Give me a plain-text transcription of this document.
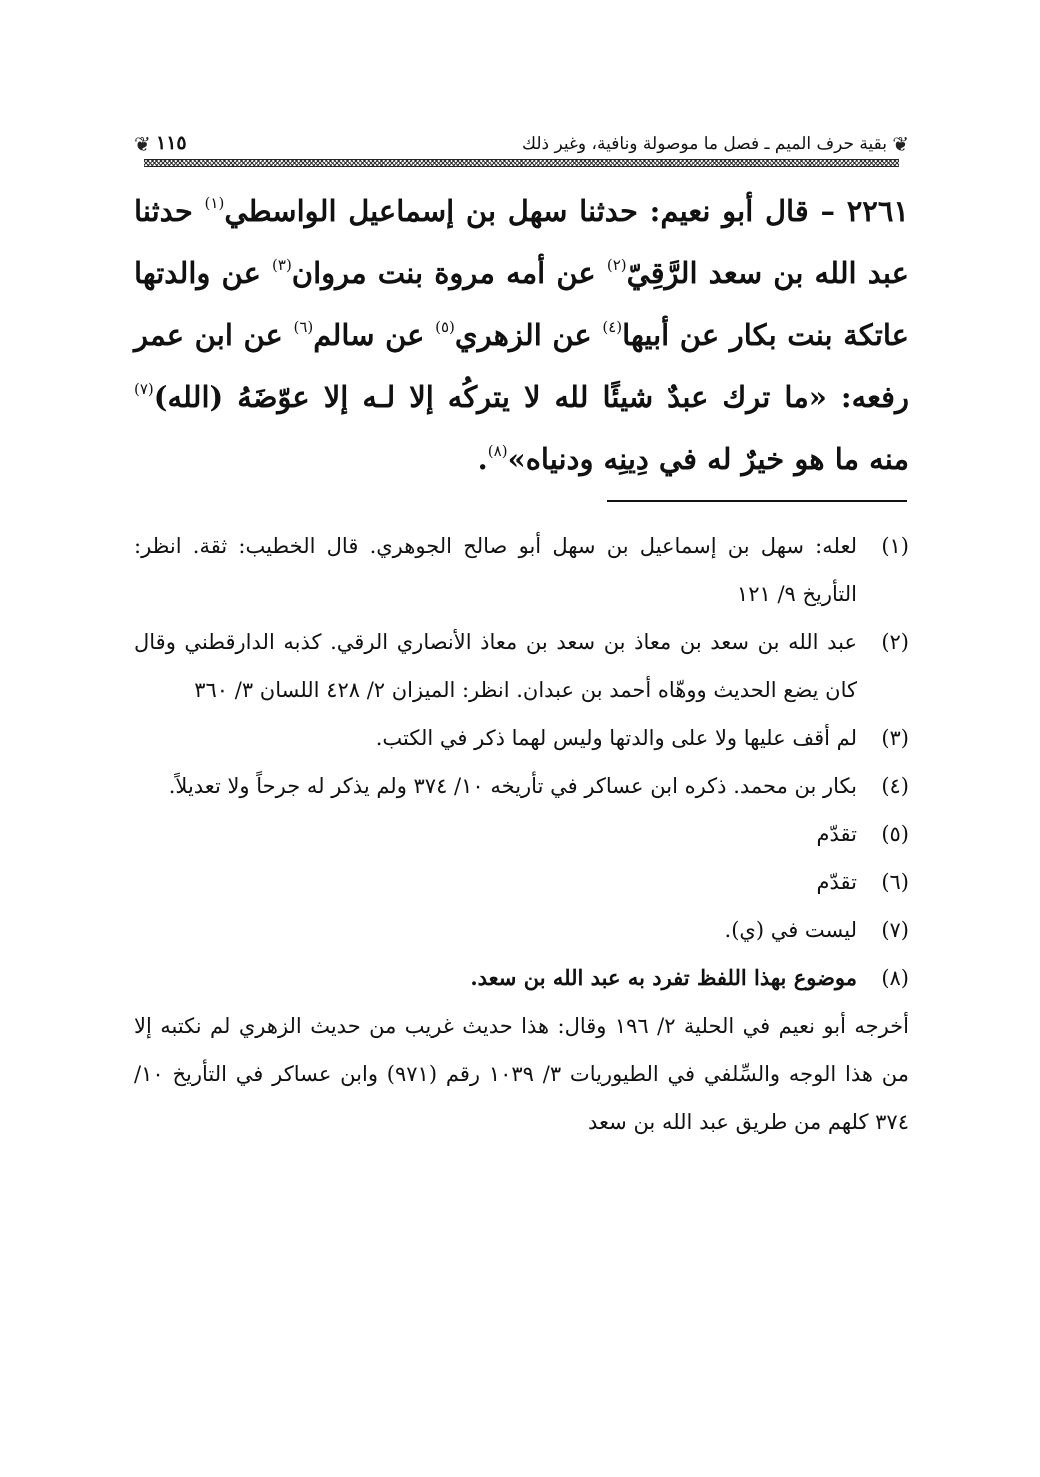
❦
بقية حرف الميم ـ فصل ما موصولة ونافية، وغير ذلك
١١٥
❦

٢٢٦١ – قال أبو نعيم: حدثنا سهل بن إسماعيل الواسطي$^{(١)}$ حدثنا عبد الله بن سعد الرَّقِيّ$^{(٢)}$ عن أمه مروة بنت مروان$^{(٣)}$ عن والدتها عاتكة بنت بكار عن أبيها$^{(٤)}$ عن الزهري$^{(٥)}$ عن سالم$^{(٦)}$ عن ابن عمر رفعه: «ما ترك عبدٌ شيئًا لله لا يتركُه إلا لـه إلا عوّضَهُ (الله)$^{(٧)}$ منه ما هو خيرٌ له في دِينِه ودنياه»$^{(٨)}$.

(١)
لعله: سهل بن إسماعيل بن سهل أبو صالح الجوهري. قال الخطيب: ثقة. انظر: التأريخ ٩/ ١٢١
(٢)
عبد الله بن سعد بن معاذ بن سعد بن معاذ الأنصاري الرقي. كذبه الدارقطني وقال كان يضع الحديث ووهّاه أحمد بن عبدان. انظر: الميزان ٢/ ٤٢٨ اللسان ٣/ ٣٦٠
(٣)
لم أقف عليها ولا على والدتها وليس لهما ذكر في الكتب.
(٤)
بكار بن محمد. ذكره ابن عساكر في تأريخه ١٠/ ٣٧٤ ولم يذكر له جرحاً ولا تعديلاً.
(٥)
تقدّم
(٦)
تقدّم
(٧)
ليست في (ي).
(٨)
موضوع بهذا اللفظ تفرد به عبد الله بن سعد.
أخرجه أبو نعيم في الحلية ٢/ ١٩٦ وقال: هذا حديث غريب من حديث الزهري لم نكتبه إلا من هذا الوجه والسِّلفي في الطيوريات ٣/ ١٠٣٩ رقم (٩٧١) وابن عساكر في التأريخ ١٠/ ٣٧٤ كلهم من طريق عبد الله بن سعد
